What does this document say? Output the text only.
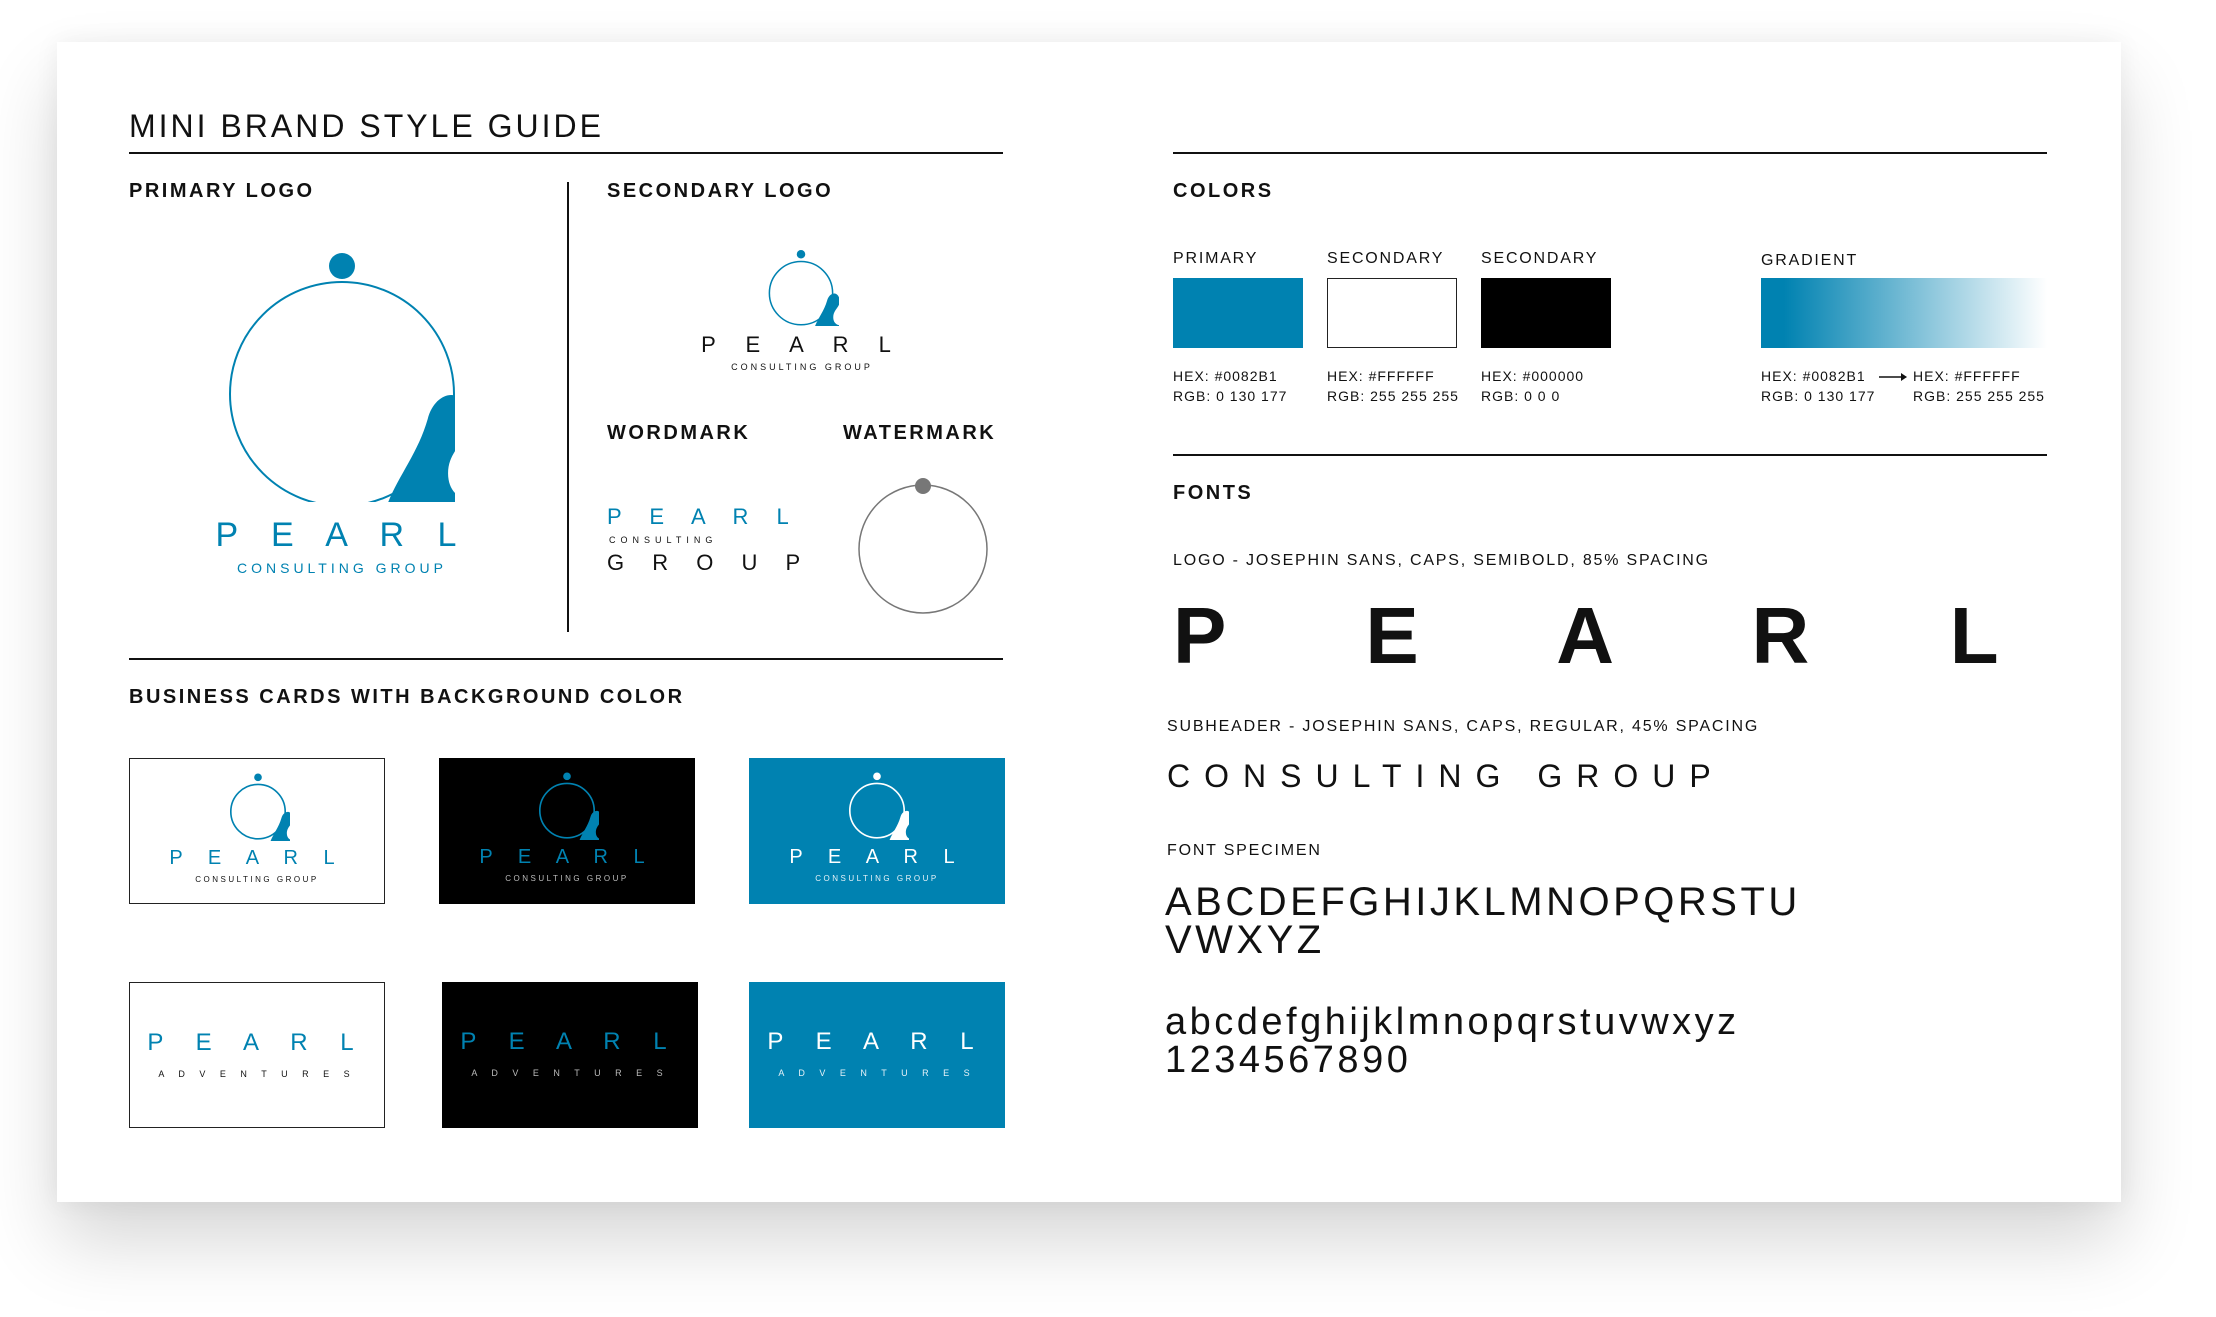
MINI BRAND STYLE GUIDE
PRIMARY LOGO
P E A R L
CONSULTING GROUP
SECONDARY LOGO
P E A R L
CONSULTING GROUP
WORDMARK
P E A R L
CONSULTING
G R O U P
WATERMARK
BUSINESS CARDS WITH BACKGROUND COLOR
P E A R L
CONSULTING GROUP
P E A R L
CONSULTING GROUP
P E A R L
CONSULTING GROUP
P E A R L
A D V E N T U R E S
P E A R L
A D V E N T U R E S
P E A R L
A D V E N T U R E S
COLORS
PRIMARY
HEX: #0082B1
RGB: 0 130 177
SECONDARY
HEX: #FFFFFF
RGB: 255 255 255
SECONDARY
HEX: #000000
RGB: 0 0 0
GRADIENT
HEX: #0082B1
RGB: 0 130 177
HEX: #FFFFFF
RGB: 255 255 255
FONTS
LOGO - JOSEPHIN SANS, CAPS, SEMIBOLD, 85% SPACING
P  E  A  R  L
SUBHEADER - JOSEPHIN SANS, CAPS, REGULAR, 45% SPACING
CONSULTING GROUP
FONT SPECIMEN
ABCDEFGHIJKLMNOPQRSTU
VWXYZ
abcdefghijklmnopqrstuvwxyz
1234567890
